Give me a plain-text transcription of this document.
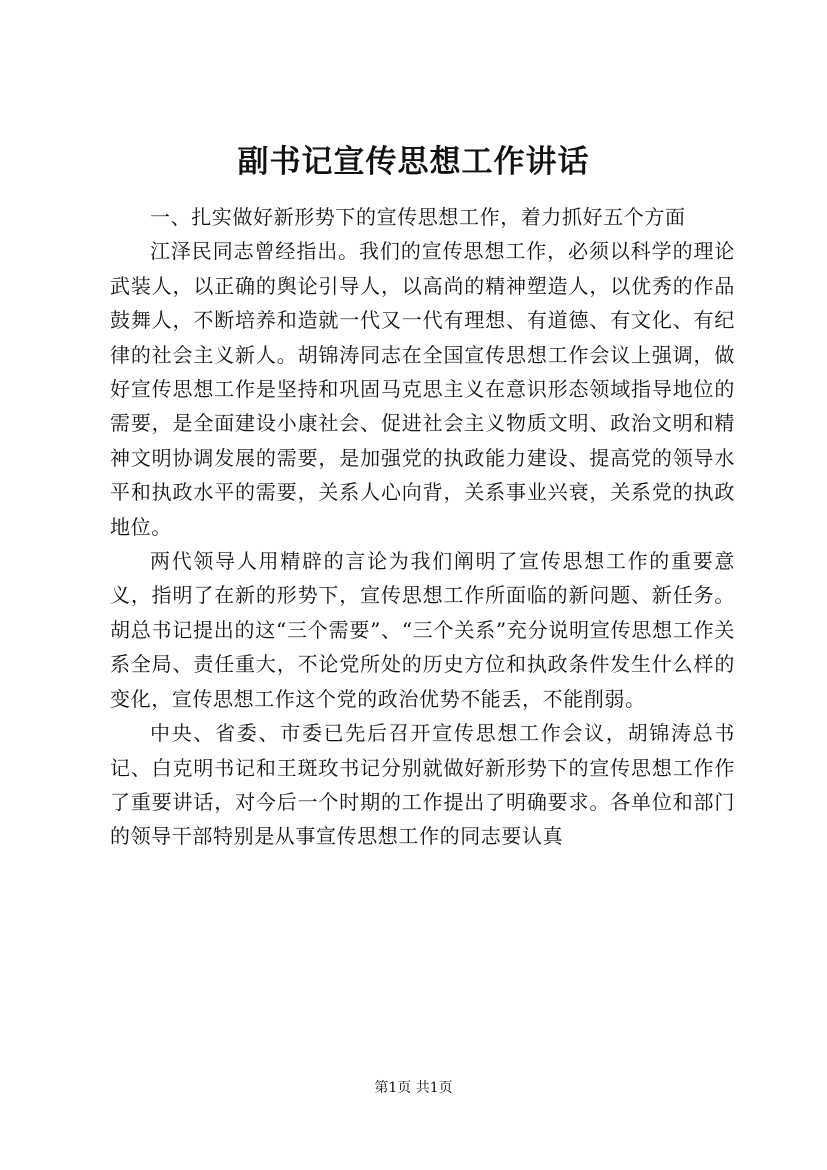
副书记宣传思想工作讲话

一、扎实做好新形势下的宣传思想工作，着力抓好五个方面

江泽民同志曾经指出。我们的宣传思想工作，必须以科学的理论武装人，以正确的舆论引导人，以高尚的精神塑造人，以优秀的作品鼓舞人，不断培养和造就一代又一代有理想、有道德、有文化、有纪律的社会主义新人。胡锦涛同志在全国宣传思想工作会议上强调，做好宣传思想工作是坚持和巩固马克思主义在意识形态领域指导地位的需要，是全面建设小康社会、促进社会主义物质文明、政治文明和精神文明协调发展的需要，是加强党的执政能力建设、提高党的领导水平和执政水平的需要，关系人心向背，关系事业兴衰，关系党的执政地位。

两代领导人用精辟的言论为我们阐明了宣传思想工作的重要意义，指明了在新的形势下，宣传思想工作所面临的新问题、新任务。胡总书记提出的这“三个需要”、“三个关系”充分说明宣传思想工作关系全局、责任重大，不论党所处的历史方位和执政条件发生什么样的变化，宣传思想工作这个党的政治优势不能丢，不能削弱。

中央、省委、市委已先后召开宣传思想工作会议，胡锦涛总书记、白克明书记和王斑玫书记分别就做好新形势下的宣传思想工作作了重要讲话，对今后一个时期的工作提出了明确要求。各单位和部门的领导干部特别是从事宣传思想工作的同志要认真

第1页 共1页
